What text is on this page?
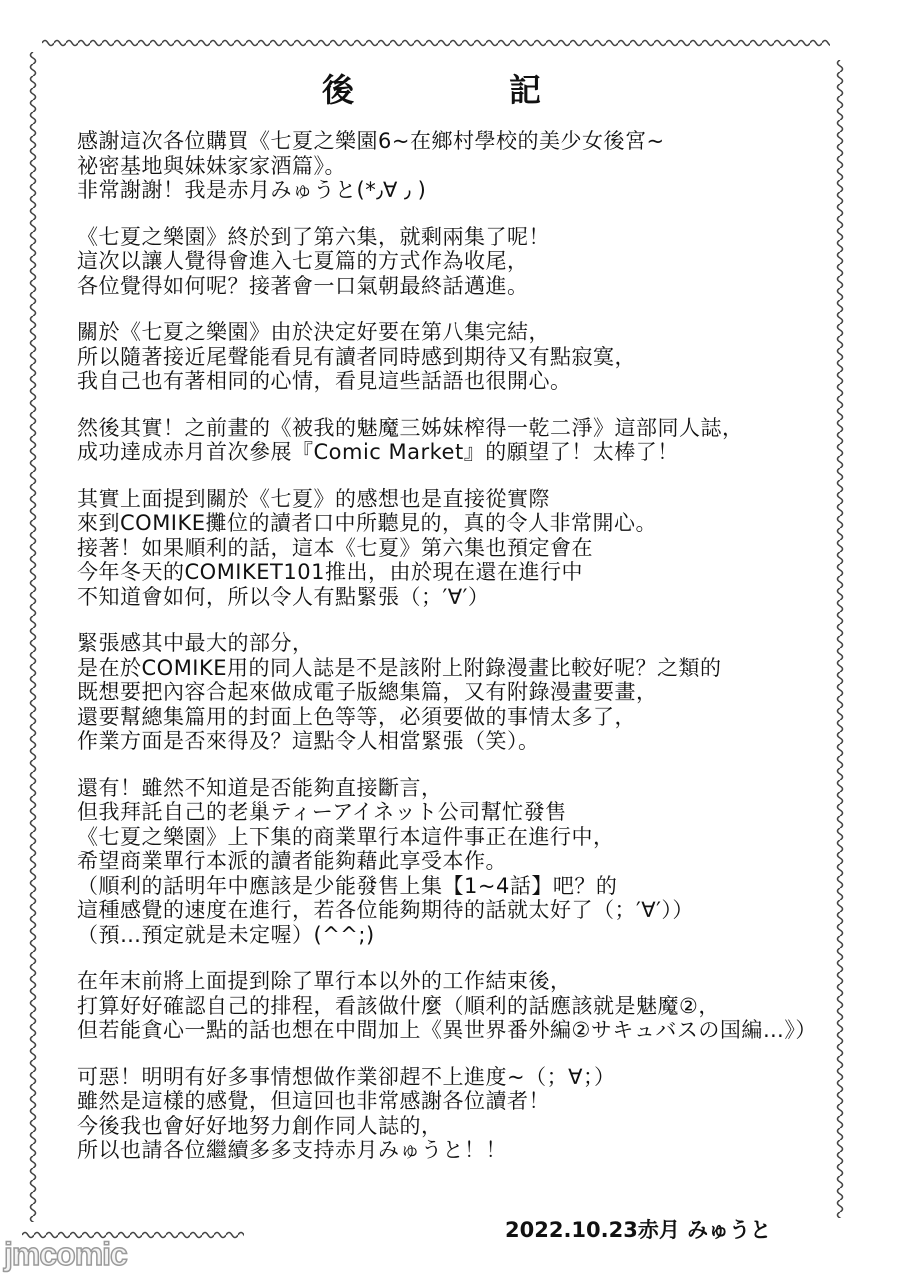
後	記
感謝這次各位購買《七夏之樂園6~在鄉村學校的美少女後宮~
祕密基地與妹妹家家酒篇》。
非常謝謝！我是赤月みゅうと(*٫ ∀٫ )
《七夏之樂園》終於到了第六集，就剩兩集了呢！
這次以讓人覺得會進入七夏篇的方式作為收尾，
各位覺得如何呢？接著會一口氣朝最終話邁進。
關於《七夏之樂園》由於決定好要在第八集完結，
所以隨著接近尾聲能看見有讀者同時感到期待又有點寂寞，
我自己也有著相同的心情，看見這些話語也很開心。
然後其實！之前畫的《被我的魅魔三姊妹榨得一乾二淨》這部同人誌，
成功達成赤月首次參展『Comic Market』的願望了！太棒了！
其實上面提到關於《七夏》的感想也是直接從實際
來到COMIKE攤位的讀者口中所聽見的，真的令人非常開心。
接著！如果順利的話，這本《七夏》第六集也預定會在
今年冬天的COMIKET101推出，由於現在還在進行中
不知道會如何，所以令人有點緊張（；′∀′）
緊張感其中最大的部分，
是在於COMIKE用的同人誌是不是該附上附錄漫畫比較好呢？之類的
既想要把內容合起來做成電子版總集篇，又有附錄漫畫要畫，
還要幫總集篇用的封面上色等等，必須要做的事情太多了，
作業方面是否來得及？這點令人相當緊張（笑）。
還有！雖然不知道是否能夠直接斷言，
但我拜託自己的老巢ティーアイネット公司幫忙發售
《七夏之樂園》上下集的商業單行本這件事正在進行中，
希望商業單行本派的讀者能夠藉此享受本作。
（順利的話明年中應該是少能發售上集【1~4話】吧？的
這種感覺的速度在進行，若各位能夠期待的話就太好了（；′∀′））
（預…預定就是未定喔）(^^;)
在年末前將上面提到除了單行本以外的工作結束後，
打算好好確認自己的排程，看該做什麼（順利的話應該就是魅魔②，
但若能貪心一點的話也想在中間加上《異世界番外編②サキュバスの国編…》）
可惡！明明有好多事情想做作業卻趕不上進度~（；∀；）
雖然是這樣的感覺，但這回也非常感謝各位讀者！
今後我也會好好地努力創作同人誌的，
所以也請各位繼續多多支持赤月みゅうと！！
2022.10.23赤月 みゅうと
jmcomic
